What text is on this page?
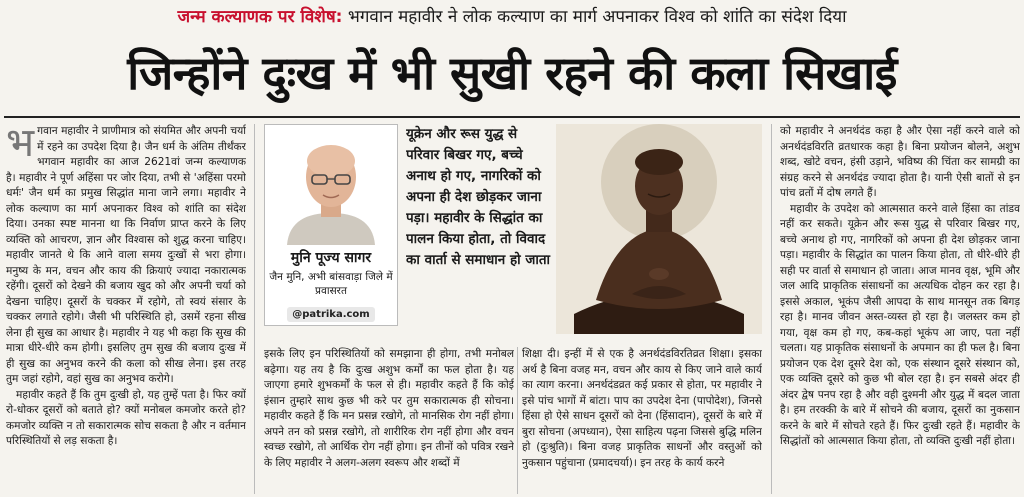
जन्म कल्याणक पर विशेष: भगवान महावीर ने लोक कल्याण का मार्ग अपनाकर विश्व को शांति का संदेश दिया
जिन्होंने दुःख में भी सुखी रहने की कला सिखाई
भ गवान महावीर ने प्राणीमात्र को संयमित और अपनी चर्या में रहने का उपदेश दिया है। जैन धर्म के अंतिम तीर्थंकर भगवान महावीर का आज 2621वां जन्म कल्याणक है। महावीर ने पूर्ण अहिंसा पर जोर दिया, तभी से 'अहिंसा परमो धर्मः' जैन धर्म का प्रमुख सिद्धांत माना जाने लगा। महावीर ने लोक कल्याण का मार्ग अपनाकर विश्व को शांति का संदेश दिया। उनका स्पष्ट मानना था कि निर्वाण प्राप्त करने के लिए व्यक्ति को आचरण, ज्ञान और विश्वास को शुद्ध करना चाहिए। महावीर जानते थे कि आने वाला समय दुःखों से भरा होगा। मनुष्य के मन, वचन और काय की क्रियाएं ज्यादा नकारात्मक रहेंगी। दूसरों को देखने की बजाय खुद को और अपनी चर्या को देखना चाहिए। दूसरों के चक्कर में रहोगे, तो स्वयं संसार के चक्कर लगाते रहोगे। जैसी भी परिस्थिति हो, उसमें रहना सीख लेना ही सुख का आधार है। महावीर ने यह भी कहा कि सुख की मात्रा धीरे-धीरे कम होगी। इसलिए तुम सुख की बजाय दुःख में ही सुख का अनुभव करने की कला को सीख लेना। इस तरह तुम जहां रहोगे, वहां सुख का अनुभव करोगे।

महावीर कहते हैं कि तुम दुःखी हो, यह तुम्हें पता है। फिर क्यों रो-धोकर दूसरों को बताते हो? क्यों मनोबल कमजोर करते हो? कमजोर व्यक्ति न तो सकारात्मक सोच सकता है और न वर्तमान परिस्थितियों से लड़ सकता है।

मुनि पूज्य सागर
जैन मुनि, अभी बांसवाड़ा जिले में प्रवासरत
@patrika.com
यूक्रेन और रूस युद्ध से परिवार बिखर गए, बच्चे अनाथ हो गए, नागरिकों को अपना ही देश छोड़कर जाना पड़ा। महावीर के सिद्धांत का पालन किया होता, तो विवाद का वार्ता से समाधान हो जाता

इसके लिए इन परिस्थितियों को समझाना ही होगा, तभी मनोबल बढ़ेगा। यह तय है कि दुःख अशुभ कर्मों का फल होता है। यह जाएगा हमारे शुभकर्मों के फल से ही। महावीर कहते हैं कि कोई इंसान तुम्हारे साथ कुछ भी करे पर तुम सकारात्मक ही सोचना। महावीर कहते हैं कि मन प्रसन्न रखोगे, तो मानसिक रोग नहीं होगा। अपने तन को प्रसन्न रखोगे, तो शारीरिक रोग नहीं होगा और वचन स्वच्छ रखोगे, तो आर्थिक रोग नहीं होगा। इन तीनों को पवित्र रखने के लिए महावीर ने अलग-अलग स्वरूप और शब्दों में

शिक्षा दी। इन्हीं में से एक है अनर्थदंडविरतिव्रत शिक्षा। इसका अर्थ है बिना वजह मन, वचन और काय से किए जाने वाले कार्य का त्याग करना। अनर्थदंडव्रत कई प्रकार से होता, पर महावीर ने इसे पांच भागों में बांटा। पाप का उपदेश देना (पापोदेश), जिनसे हिंसा हो ऐसे साधन दूसरों को देना (हिंसादान), दूसरों के बारे में बुरा सोचना (अपध्यान), ऐसा साहित्य पढ़ना जिससे बुद्धि मलिन हो (दुःश्रुति)। बिना वजह प्राकृतिक साधनों और वस्तुओं को नुकसान पहुंचाना (प्रमादचर्या)। इन तरह के कार्य करने

को महावीर ने अनर्थदंड कहा है और ऐसा नहीं करने वाले को अनर्थदंडविरति व्रतधारक कहा है। बिना प्रयोजन बोलने, अशुभ शब्द, खोटे वचन, हंसी उड़ाने, भविष्य की चिंता कर सामग्री का संग्रह करने से अनर्थदंड ज्यादा होता है। यानी ऐसी बातों से इन पांच व्रतों में दोष लगते हैं।

महावीर के उपदेश को आत्मसात करने वाले हिंसा का तांडव नहीं कर सकते। यूक्रेन और रूस युद्ध से परिवार बिखर गए, बच्चे अनाथ हो गए, नागरिकों को अपना ही देश छोड़कर जाना पड़ा। महावीर के सिद्धांत का पालन किया होता, तो धीरे-धीरे ही सही पर वार्ता से समाधान हो जाता। आज मानव वृक्ष, भूमि और जल आदि प्राकृतिक संसाधनों का अत्यधिक दोहन कर रहा है। इससे अकाल, भूकंप जैसी आपदा के साथ मानसून तक बिगड़ रहा है। मानव जीवन अस्त-व्यस्त हो रहा है। जलस्तर कम हो गया, वृक्ष कम हो गए, कब-कहां भूकंप आ जाए, पता नहीं चलता। यह प्राकृतिक संसाधनों के अपमान का ही फल है। बिना प्रयोजन एक देश दूसरे देश को, एक संस्थान दूसरे संस्थान को, एक व्यक्ति दूसरे को कुछ भी बोल रहा है। इन सबसे अंदर ही अंदर द्वेष पनप रहा है और वही दुश्मनी और युद्ध में बदल जाता है। हम तरक्की के बारे में सोचने की बजाय, दूसरों का नुकसान करने के बारे में सोचते रहते हैं। फिर दुःखी रहते हैं। महावीर के सिद्धांतों को आत्मसात किया होता, तो व्यक्ति दुःखी नहीं होता।
